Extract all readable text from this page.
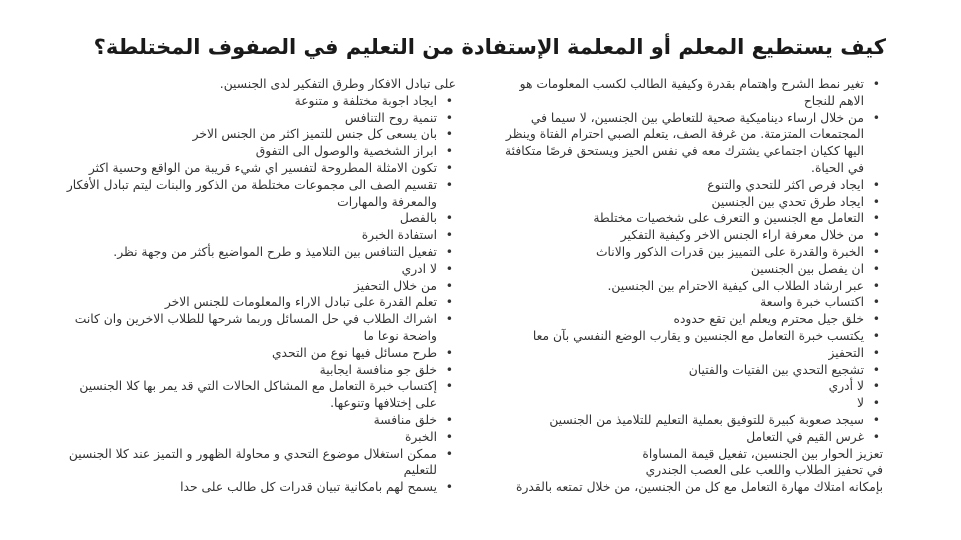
كيف يستطيع المعلم أو المعلمة الإستفادة من التعليم في الصفوف المختلطة؟
• تغير نمط الشرح واهتمام بقدرة وكيفية الطالب لكسب المعلومات هو الاهم للنجاح
• من خلال ارساء ديناميكية صحية للتعاطي بين الجنسين، لا سيما في المجتمعات المتزمتة. من غرفة الصف، يتعلم الصبي احترام الفتاة وينظر اليها ككيان اجتماعي يشترك معه في نفس الحيز ويستحق فرصًا متكافئة في الحياة.
• ايجاد فرص اكثر للتحدي والتنوع
• ايجاد طرق تحدي بين الجنسين
• التعامل مع الجنسين و التعرف على شخصيات مختلطة
• من خلال معرفة اراء الجنس الاخر وكيفية التفكير
• الخبرة والقدرة على التمييز بين قدرات الذكور والاناث
• ان يفصل بين الجنسين
• عبر ارشاد الطلاب الى كيفية الاحترام بين الجنسين.
• اكتساب خبرة واسعة
• خلق جيل محترم ويعلم اين تقع حدوده
• يكتسب خبرة التعامل مع الجنسين و يقارب الوضع النفسي بآن معا
• التحفيز
• تشجيع التحدي بين الفتيات والفتيان
• لا أدري
• لا
• سيجد صعوبة كبيرة للتوفيق بعملية التعليم للتلاميذ من الجنسين
• غرس القيم في التعامل
تعزيز الحوار بين الجنسين، تفعيل قيمة المساواة
في تحفيز الطلاب واللعب على العصب الجندري
بإمكانه امتلاك مهارة التعامل مع كل من الجنسين، من خلال تمتعه بالقدرة
على تبادل الافكار وطرق التفكير لدى الجنسين.
• ايجاد اجوبة مختلفة و متنوعة
• تنمية روح التنافس
• بان يسعى كل جنس للتميز اكثر من الجنس الاخر
• ابراز الشخصية والوصول الى التفوق
• تكون الامثلة المطروحة لتفسير اي شيء قريبة من الواقع وحسية اكثر
• تقسيم الصف الى مجموعات مختلطة من الذكور والبنات ليتم تبادل الأفكار والمعرفة والمهارات
• بالفصل
• استفادة الخبرة
• تفعيل التنافس بين التلاميذ و طرح المواضيع بأكثر من وجهة نظر.
• لا ادري
• من خلال التحفيز
• تعلم القدرة على تبادل الاراء والمعلومات للجنس الاخر
• اشراك الطلاب في حل المسائل وربما شرحها للطلاب الاخرين وان كانت واضحة نوعا ما
• طرح مسائل فيها نوع من التحدي
• خلق جو منافسة ايجابية
• إكتساب خبرة التعامل مع المشاكل الحالات التي قد يمر بها كلا الجنسين على إختلافها وتنوعها.
• خلق منافسة
• الخبرة
• ممكن استغلال موضوع التحدي و محاولة الظهور و التميز عند كلا الجنسين للتعليم
• يسمح لهم بامكانية تبيان قدرات كل طالب على حدا
